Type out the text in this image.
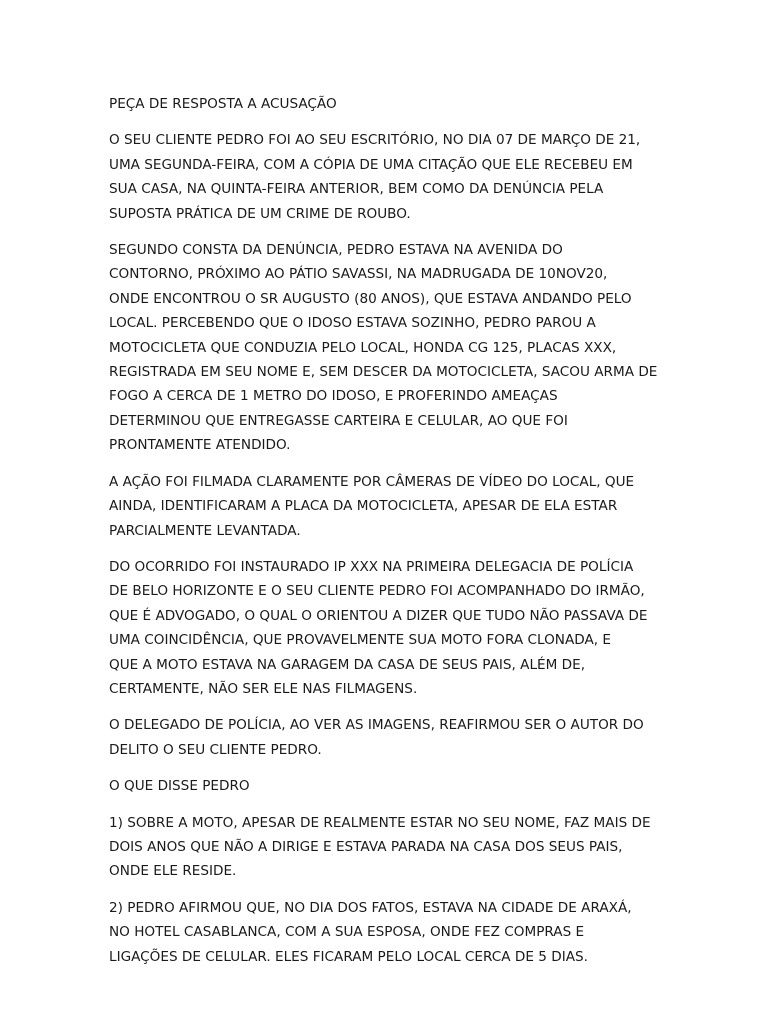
PEÇA DE RESPOSTA A ACUSAÇÃO

O SEU CLIENTE PEDRO FOI AO SEU ESCRITÓRIO, NO DIA 07 DE MARÇO DE 21,
UMA SEGUNDA-FEIRA, COM A CÓPIA DE UMA CITAÇÃO QUE ELE RECEBEU EM
SUA CASA, NA QUINTA-FEIRA ANTERIOR, BEM COMO DA DENÚNCIA PELA
SUPOSTA PRÁTICA DE UM CRIME DE ROUBO.

SEGUNDO CONSTA DA DENÚNCIA, PEDRO ESTAVA NA AVENIDA DO
CONTORNO, PRÓXIMO AO PÁTIO SAVASSI, NA MADRUGADA DE 10NOV20,
ONDE ENCONTROU O SR AUGUSTO (80 ANOS), QUE ESTAVA ANDANDO PELO
LOCAL. PERCEBENDO QUE O IDOSO ESTAVA SOZINHO, PEDRO PAROU A
MOTOCICLETA QUE CONDUZIA PELO LOCAL, HONDA CG 125, PLACAS XXX,
REGISTRADA EM SEU NOME E, SEM DESCER DA MOTOCICLETA, SACOU ARMA DE
FOGO A CERCA DE 1 METRO DO IDOSO, E PROFERINDO AMEAÇAS
DETERMINOU QUE ENTREGASSE CARTEIRA E CELULAR, AO QUE FOI
PRONTAMENTE ATENDIDO.

A AÇÃO FOI FILMADA CLARAMENTE POR CÂMERAS DE VÍDEO DO LOCAL, QUE
AINDA, IDENTIFICARAM A PLACA DA MOTOCICLETA, APESAR DE ELA ESTAR
PARCIALMENTE LEVANTADA.

DO OCORRIDO FOI INSTAURADO IP XXX NA PRIMEIRA DELEGACIA DE POLÍCIA
DE BELO HORIZONTE E O SEU CLIENTE PEDRO FOI ACOMPANHADO DO IRMÃO,
QUE É ADVOGADO, O QUAL O ORIENTOU A DIZER QUE TUDO NÃO PASSAVA DE
UMA COINCIDÊNCIA, QUE PROVAVELMENTE SUA MOTO FORA CLONADA, E
QUE A MOTO ESTAVA NA GARAGEM DA CASA DE SEUS PAIS, ALÉM DE,
CERTAMENTE, NÃO SER ELE NAS FILMAGENS.

O DELEGADO DE POLÍCIA, AO VER AS IMAGENS, REAFIRMOU SER O AUTOR DO
DELITO O SEU CLIENTE PEDRO.

O QUE DISSE PEDRO

1) SOBRE A MOTO, APESAR DE REALMENTE ESTAR NO SEU NOME, FAZ MAIS DE
DOIS ANOS QUE NÃO A DIRIGE E ESTAVA PARADA NA CASA DOS SEUS PAIS,
ONDE ELE RESIDE.

2) PEDRO AFIRMOU QUE, NO DIA DOS FATOS, ESTAVA NA CIDADE DE ARAXÁ,
NO HOTEL CASABLANCA, COM A SUA ESPOSA, ONDE FEZ COMPRAS E
LIGAÇÕES DE CELULAR. ELES FICARAM PELO LOCAL CERCA DE 5 DIAS.
